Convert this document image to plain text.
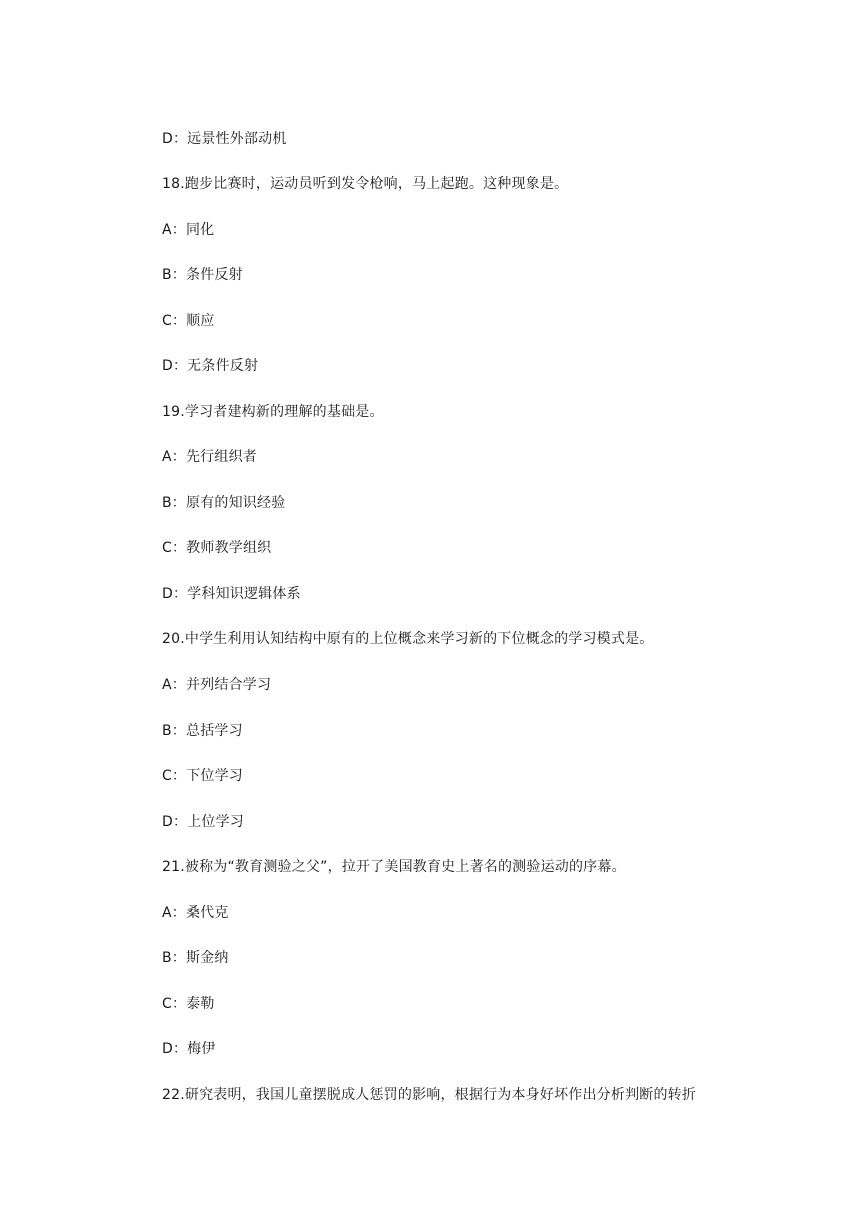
D：远景性外部动机
18.跑步比赛时，运动员听到发令枪响，马上起跑。这种现象是。
A：同化
B：条件反射
C：顺应
D：无条件反射
19.学习者建构新的理解的基础是。
A：先行组织者
B：原有的知识经验
C：教师教学组织
D：学科知识逻辑体系
20.中学生利用认知结构中原有的上位概念来学习新的下位概念的学习模式是。
A：并列结合学习
B：总括学习
C：下位学习
D：上位学习
21.被称为“教育测验之父”，拉开了美国教育史上著名的测验运动的序幕。
A：桑代克
B：斯金纳
C：泰勒
D：梅伊
22.研究表明，我国儿童摆脱成人惩罚的影响，根据行为本身好坏作出分析判断的转折
